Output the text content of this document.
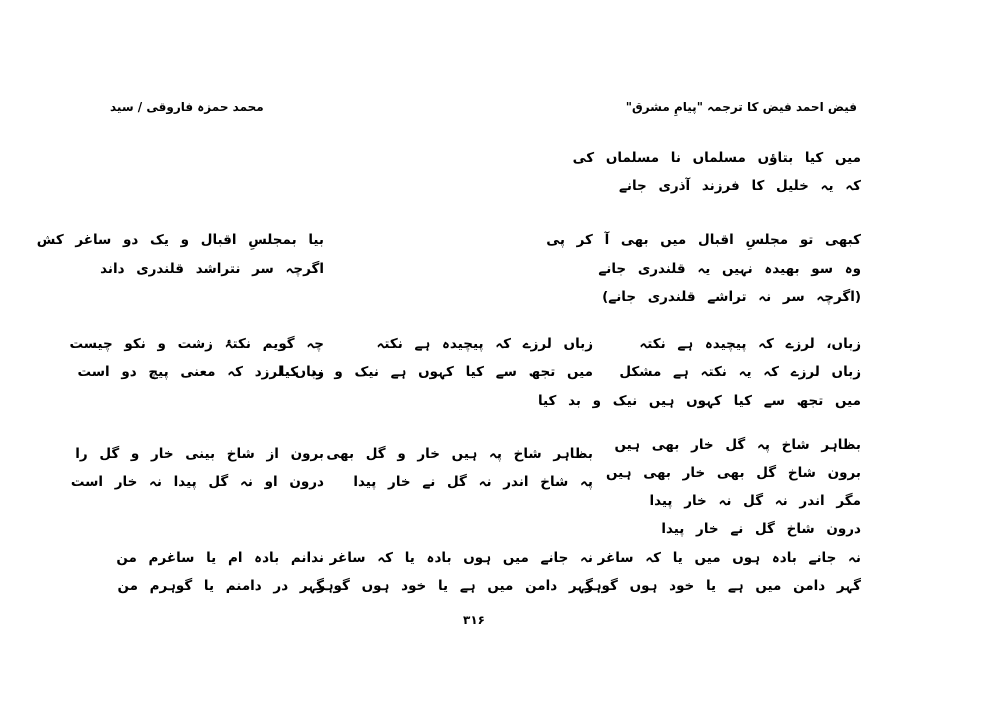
فیض احمد فیض کا ترجمہ "پیامِ مشرق"
محمد حمزہ فاروقی / سید
میں کیا بتاؤں مسلماں نا مسلماں کی
کہ یہ خلیل کا فرزند آذری جانے
کبھی تو مجلسِ اقبال میں بھی آ کر پی
وہ سو بھیدہ نہیں یہ قلندری جانے
(اگرچہ سر نہ تراشے قلندری جانے)
زباں، لرزے کہ پیچیدہ ہے نکتہ
زباں لرزے کہ یہ نکتہ ہے مشکل
میں تجھ سے کیا کہوں ہیں نیک و بد کیا
بظاہر شاخ پہ گل خار بھی ہیں
برون شاخ گل بھی خار بھی ہیں
مگر اندر نہ گل نہ خار پیدا
درون شاخ گل نے خار پیدا
نہ جانے بادہ ہوں میں یا کہ ساغر
گہر دامن میں ہے یا خود ہوں گوہر
زباں لرزے کہ پیچیدہ ہے نکتہ
میں تجھ سے کیا کہوں ہے نیک و بد کیا
بظاہر شاخ پہ ہیں خار و گل بھی
پہ شاخ اندر نہ گل نے خار پیدا
نہ جانے میں ہوں بادہ یا کہ ساغر
گہر دامن میں ہے یا خود ہوں گوہر
بیا بمجلسِ اقبال و یک دو ساغر کش
اگرچہ سر نتراشد قلندری داند
چہ گویم نکتۂ زشت و نکو چیست
زباں لرزد کہ معنی پیچ دو است
برون از شاخ بینی خار و گل را
درون او نہ گل پیدا نہ خار است
ندانم بادہ ام یا ساغرم من
گہر در دامنم یا گوہرم من
۳۱۶
